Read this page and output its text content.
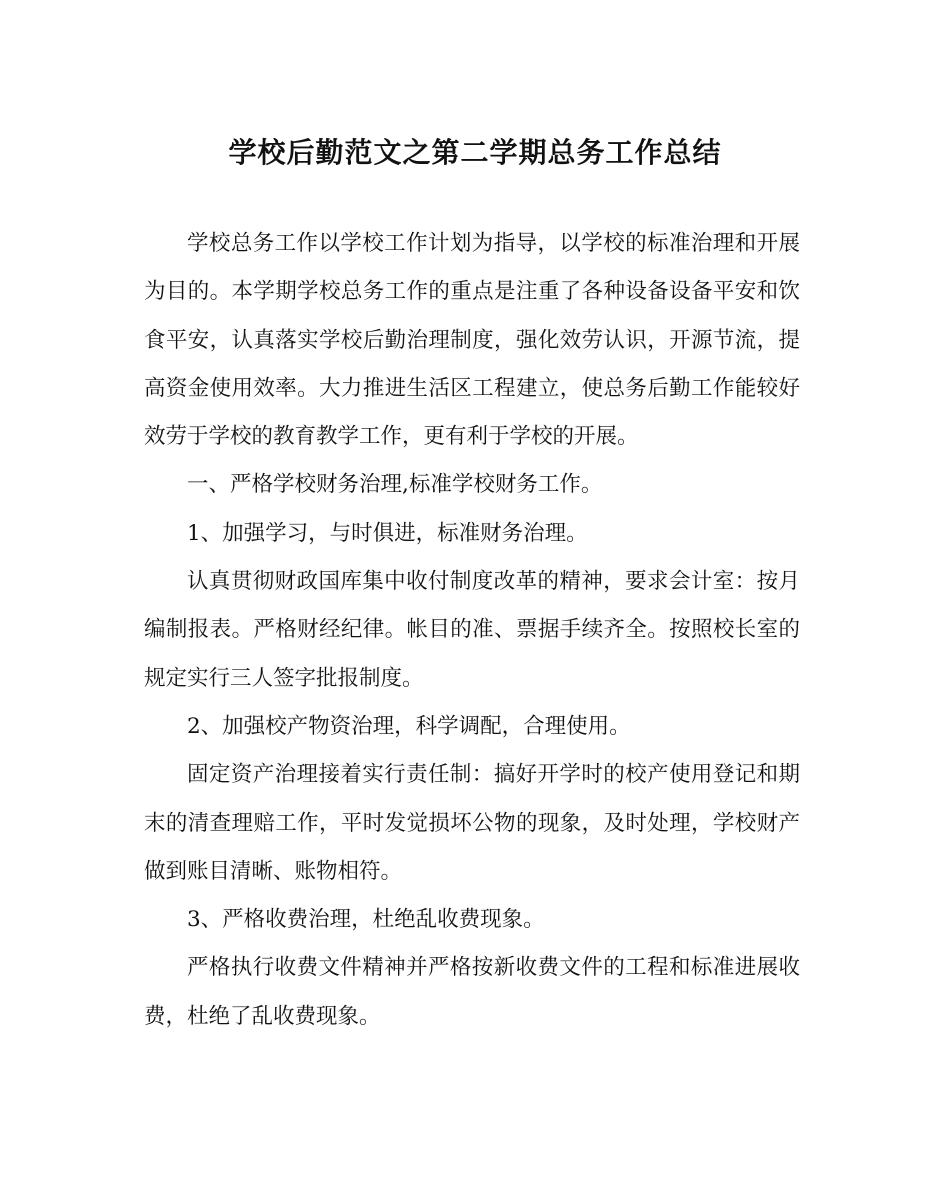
学校后勤范文之第二学期总务工作总结

学校总务工作以学校工作计划为指导，以学校的标准治理和开展为目的。本学期学校总务工作的重点是注重了各种设备设备平安和饮食平安，认真落实学校后勤治理制度，强化效劳认识，开源节流，提高资金使用效率。大力推进生活区工程建立，使总务后勤工作能较好效劳于学校的教育教学工作，更有利于学校的开展。

一、严格学校财务治理,标准学校财务工作。

1、加强学习，与时俱进，标准财务治理。

认真贯彻财政国库集中收付制度改革的精神，要求会计室：按月编制报表。严格财经纪律。帐目的准、票据手续齐全。按照校长室的规定实行三人签字批报制度。

2、加强校产物资治理，科学调配，合理使用。

固定资产治理接着实行责任制：搞好开学时的校产使用登记和期末的清查理赔工作，平时发觉损坏公物的现象，及时处理，学校财产做到账目清晰、账物相符。

3、严格收费治理，杜绝乱收费现象。

严格执行收费文件精神并严格按新收费文件的工程和标准进展收费，杜绝了乱收费现象。
